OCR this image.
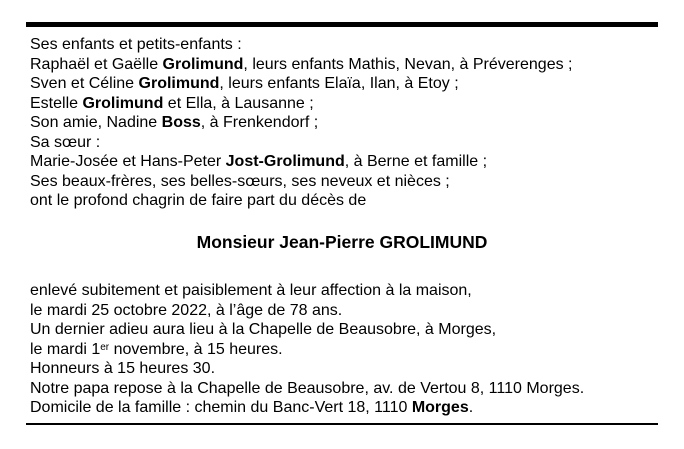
Ses enfants et petits-enfants :
Raphaël et Gaëlle Grolimund, leurs enfants Mathis, Nevan, à Préverenges ;
Sven et Céline Grolimund, leurs enfants Elaïa, Ilan, à Etoy ;
Estelle Grolimund et Ella, à Lausanne ;
Son amie, Nadine Boss, à Frenkendorf ;
Sa sœur :
Marie-Josée et Hans-Peter Jost-Grolimund, à Berne et famille ;
Ses beaux-frères, ses belles-sœurs, ses neveux et nièces ;
ont le profond chagrin de faire part du décès de
Monsieur Jean-Pierre GROLIMUND
enlevé subitement et paisiblement à leur affection à la maison,
le mardi 25 octobre 2022, à l’âge de 78 ans.
Un dernier adieu aura lieu à la Chapelle de Beausobre, à Morges,
le mardi 1er novembre, à 15 heures.
Honneurs à 15 heures 30.
Notre papa repose à la Chapelle de Beausobre, av. de Vertou 8, 1110 Morges.
Domicile de la famille : chemin du Banc-Vert 18, 1110 Morges.
